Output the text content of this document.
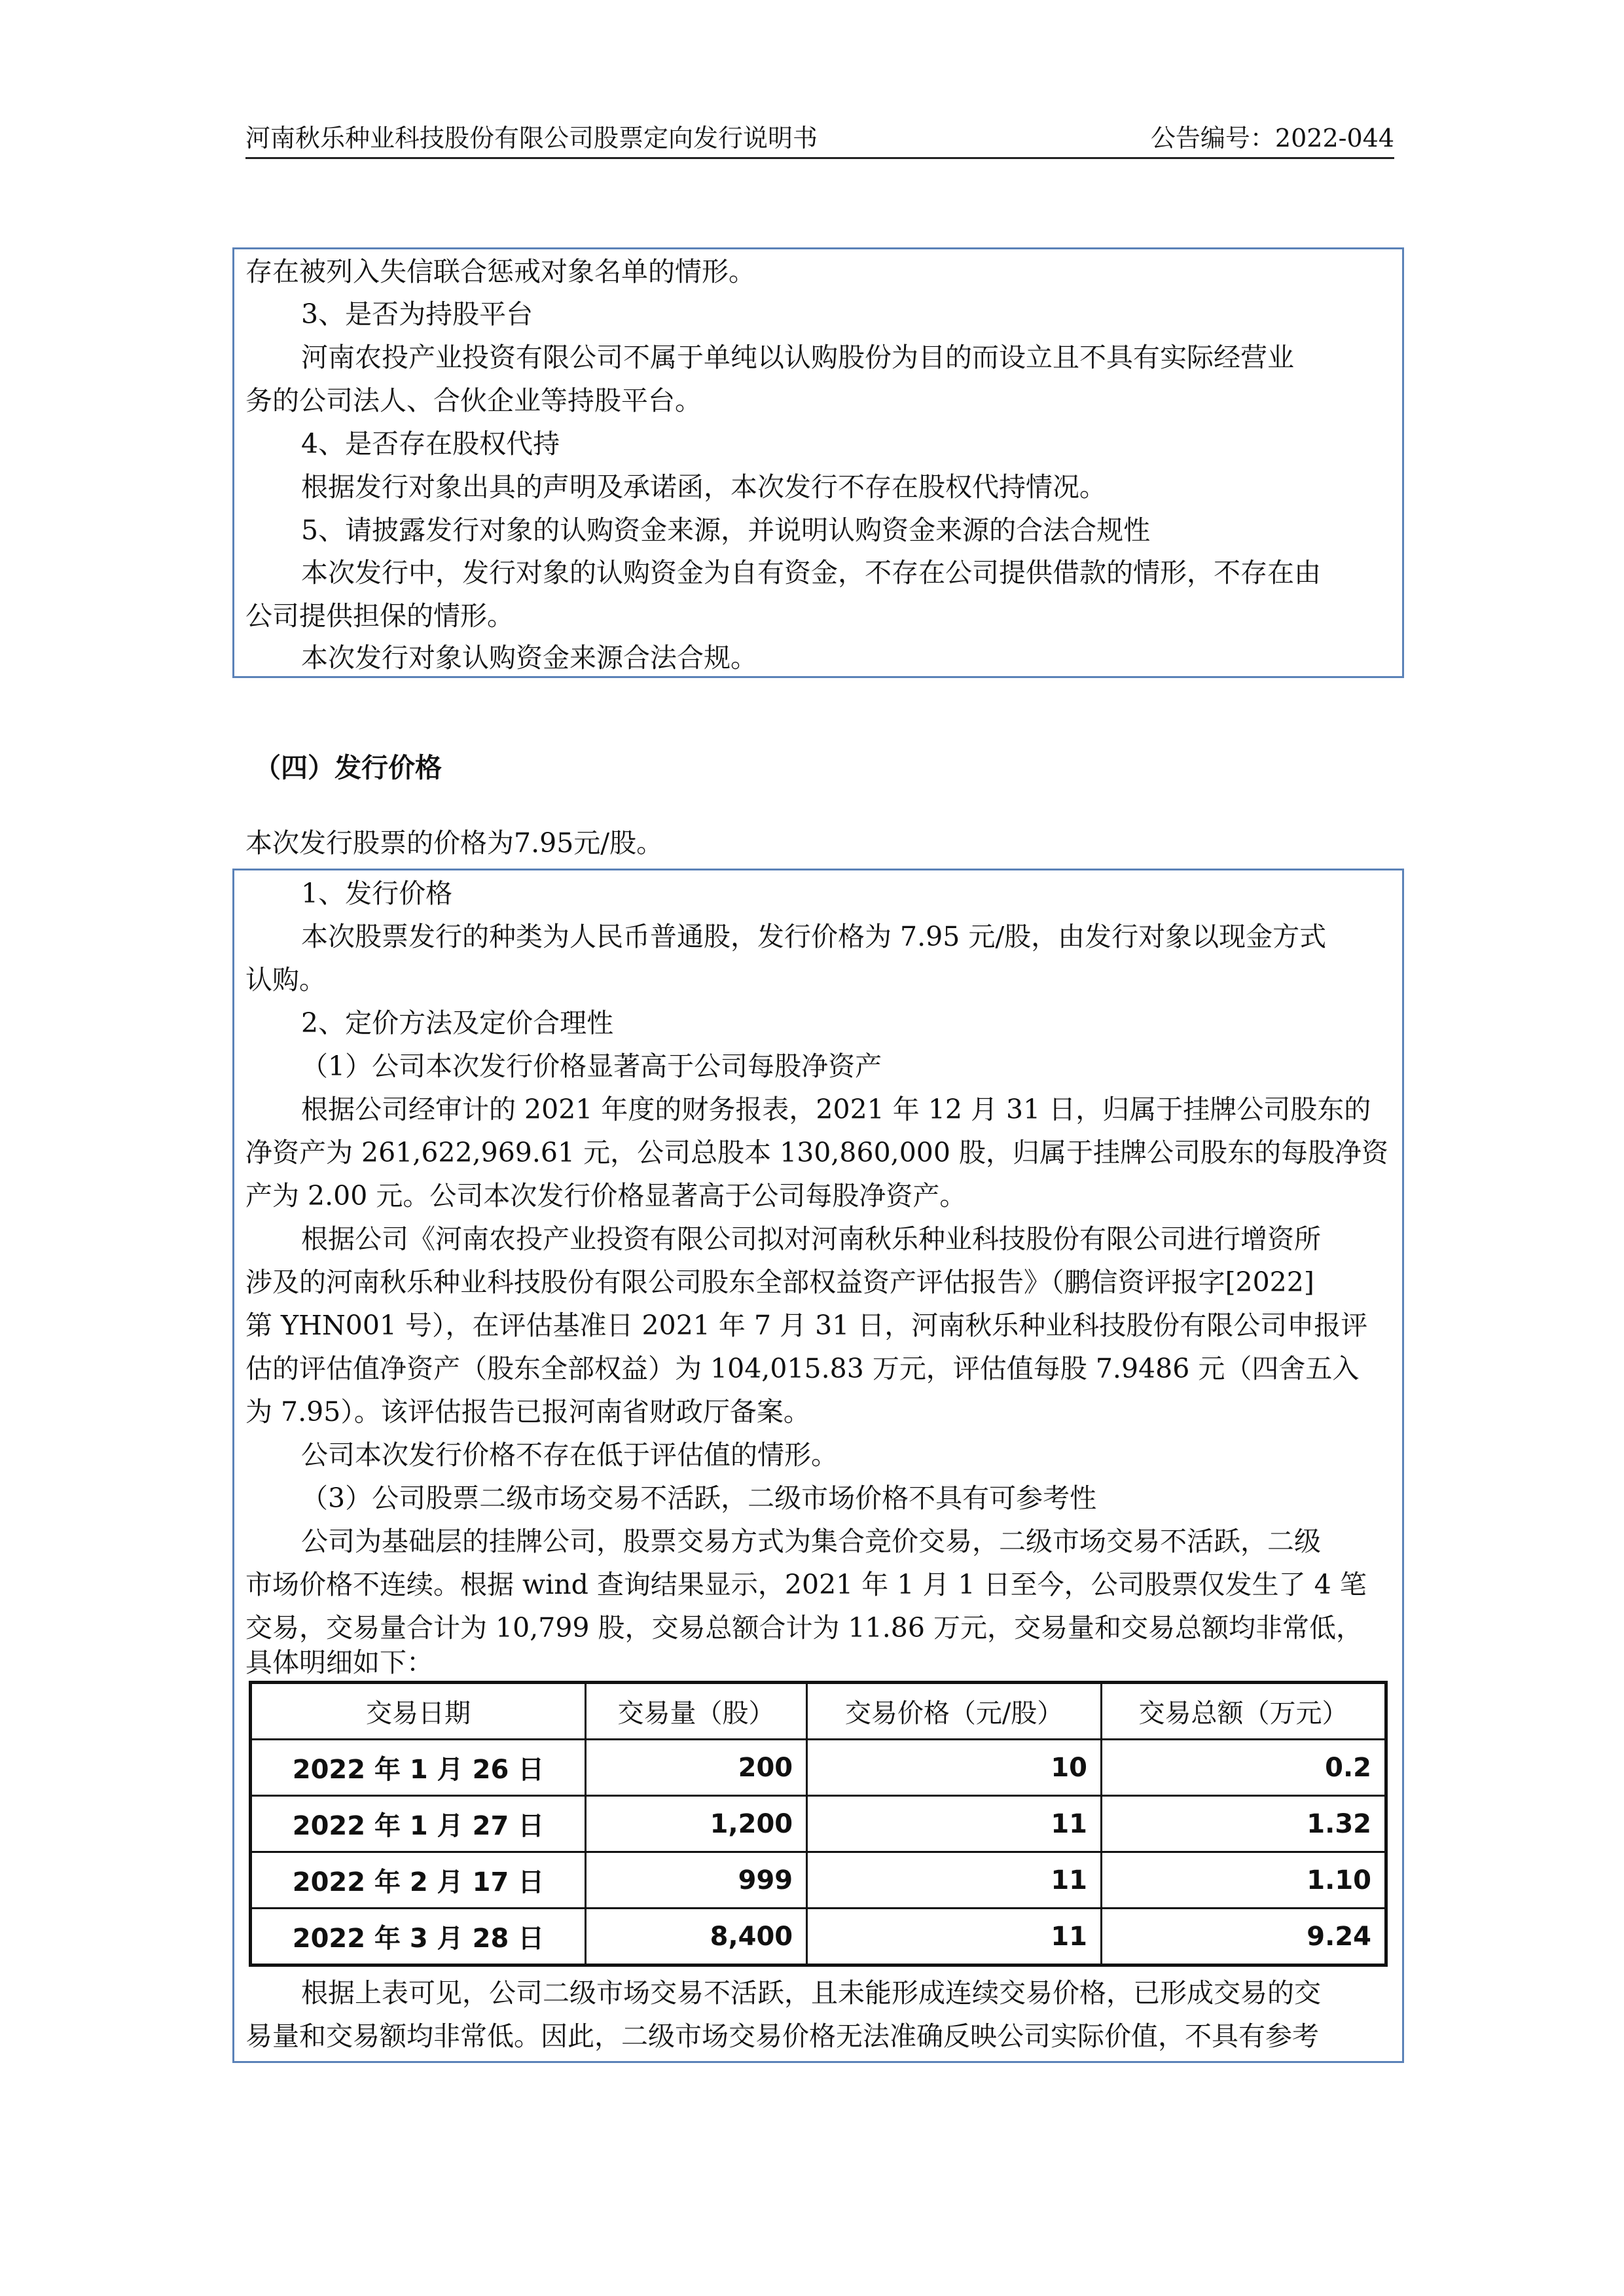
河南秋乐种业科技股份有限公司股票定向发行说明书	公告编号：2022-044
存在被列入失信联合惩戒对象名单的情形。
3、是否为持股平台
河南农投产业投资有限公司不属于单纯以认购股份为目的而设立且不具有实际经营业
务的公司法人、合伙企业等持股平台。
4、是否存在股权代持
根据发行对象出具的声明及承诺函，本次发行不存在股权代持情况。
5、请披露发行对象的认购资金来源，并说明认购资金来源的合法合规性
本次发行中，发行对象的认购资金为自有资金，不存在公司提供借款的情形，不存在由
公司提供担保的情形。
本次发行对象认购资金来源合法合规。
（四）发行价格
本次发行股票的价格为7.95元/股。
1、发行价格
本次股票发行的种类为人民币普通股，发行价格为 7.95 元/股，由发行对象以现金方式
认购。
2、定价方法及定价合理性
（1）公司本次发行价格显著高于公司每股净资产
根据公司经审计的 2021 年度的财务报表，2021 年 12 月 31 日，归属于挂牌公司股东的
净资产为 261,622,969.61 元，公司总股本 130,860,000 股，归属于挂牌公司股东的每股净资
产为 2.00 元。公司本次发行价格显著高于公司每股净资产。
根据公司《河南农投产业投资有限公司拟对河南秋乐种业科技股份有限公司进行增资所
涉及的河南秋乐种业科技股份有限公司股东全部权益资产评估报告》（鹏信资评报字[2022]
第 YHN001 号），在评估基准日 2021 年 7 月 31 日，河南秋乐种业科技股份有限公司申报评
估的评估值净资产（股东全部权益）为 104,015.83 万元，评估值每股 7.9486 元（四舍五入
为 7.95）。该评估报告已报河南省财政厅备案。
公司本次发行价格不存在低于评估值的情形。
（3）公司股票二级市场交易不活跃，二级市场价格不具有可参考性
公司为基础层的挂牌公司，股票交易方式为集合竞价交易，二级市场交易不活跃，二级
市场价格不连续。根据 wind 查询结果显示，2021 年 1 月 1 日至今，公司股票仅发生了 4 笔
交易，交易量合计为 10,799 股，交易总额合计为 11.86 万元，交易量和交易总额均非常低，
具体明细如下：
交易日期	交易量（股）	交易价格（元/股）	交易总额（万元）
2022 年 1 月 26 日	200	10	0.2
2022 年 1 月 27 日	1,200	11	1.32
2022 年 2 月 17 日	999	11	1.10
2022 年 3 月 28 日	8,400	11	9.24
根据上表可见，公司二级市场交易不活跃，且未能形成连续交易价格，已形成交易的交
易量和交易额均非常低。因此，二级市场交易价格无法准确反映公司实际价值，不具有参考
